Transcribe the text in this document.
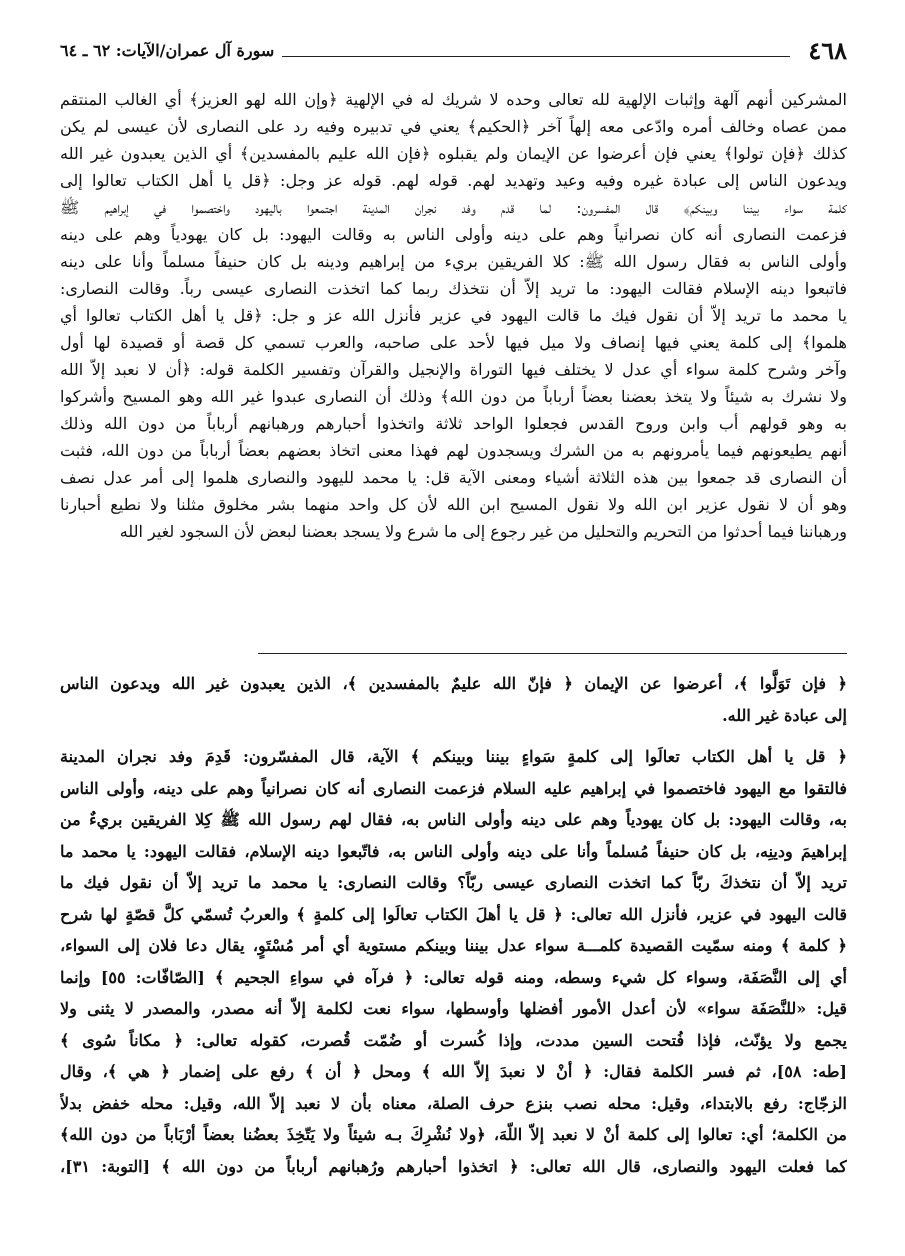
٤٦٨
سورة آل عمران/الآيات: ٦٢ ـ ٦٤

المشركين أنهم آلهة وإثبات الإلهية لله تعالى وحده لا شريك له في الإلهية ﴿وإن الله لهو العزيز﴾ أي الغالب المنتقم

ممن عصاه وخالف أمره وادّعى معه إلهاً آخر ﴿الحكيم﴾ يعني في تدبيره وفيه رد على النصارى لأن عيسى لم يكن

كذلك ﴿فإن تولوا﴾ يعني فإن أعرضوا عن الإيمان ولم يقبلوه ﴿فإن الله عليم بالمفسدين﴾ أي الذين يعبدون غير الله

ويدعون الناس إلى عبادة غيره وفيه وعيد وتهديد لهم. قوله لهم. قوله عز وجل: ﴿قل يا أهل الكتاب تعالوا إلى

كلمة سواء بيننا وبينكم﴾ قال المفسرون: لما قدم وفد نجران المدينة اجتمعوا باليهود واختصموا في إبراهيم ﷺ

فزعمت النصارى أنه كان نصرانياً وهم على دينه وأولى الناس به وقالت اليهود: بل كان يهودياً وهم على دينه

وأولى الناس به فقال رسول الله ﷺ: كلا الفريقين بريء من إبراهيم ودينه بل كان حنيفاً مسلماً وأنا على دينه

فاتبعوا دينه الإسلام فقالت اليهود: ما تريد إلاّ أن نتخذك ربما كما اتخذت النصارى عيسى رباً. وقالت النصارى:

يا محمد ما تريد إلاّ أن نقول فيك ما قالت اليهود في عزير فأنزل الله عز و جل: ﴿قل يا أهل الكتاب تعالوا أي

هلموا﴾ إلى كلمة يعني فيها إنصاف ولا ميل فيها لأحد على صاحبه، والعرب تسمي كل قصة أو قصيدة لها أول

وآخر وشرح كلمة سواء أي عدل لا يختلف فيها التوراة والإنجيل والقرآن وتفسير الكلمة قوله: ﴿أن لا نعبد إلاّ الله

ولا نشرك به شيئاً ولا يتخذ بعضنا بعضاً أرباباً من دون الله﴾ وذلك أن النصارى عبدوا غير الله وهو المسيح وأشركوا

به وهو قولهم أب وابن وروح القدس فجعلوا الواحد ثلاثة واتخذوا أحبارهم ورهبانهم أرباباً من دون الله وذلك

أنهم يطيعونهم فيما يأمرونهم به من الشرك ويسجدون لهم فهذا معنى اتخاذ بعضهم بعضاً أرباباً من دون الله، فثبت

أن النصارى قد جمعوا بين هذه الثلاثة أشياء ومعنى الآية قل: يا محمد لليهود والنصارى هلموا إلى أمر عدل نصف

وهو أن لا نقول عزير ابن الله ولا نقول المسيح ابن الله لأن كل واحد منهما بشر مخلوق مثلنا ولا نطيع أحبارنا

ورهباننا فيما أحدثوا من التحريم والتحليل من غير رجوع إلى ما شرع ولا يسجد بعضنا لبعض لأن السجود لغير الله

﴿ فإن تَوَلَّوا ﴾، أعرضوا عن الإيمان ﴿ فإنّ الله عليمٌ بالمفسدين ﴾، الذين يعبدون غير الله ويدعون الناس

إلى عبادة غير الله.

﴿ قل يا أهل الكتاب تعالَوا إلى كلمةٍ سَواءٍ بيننا وبينكم ﴾ الآية، قال المفسّرون: قَدِمَ وفد نجران المدينة

فالتقوا مع اليهود فاختصموا في إبراهيم عليه السلام فزعمت النصارى أنه كان نصرانياً وهم على دينه، وأولى الناس

به، وقالت اليهود: بل كان يهودياً وهم على دينه وأولى الناس به، فقال لهم رسول الله ﷺ كِلا الفريقين بريءٌ من

إبراهيمَ ودينِه، بل كان حنيفاً مُسلماً وأنا على دينه وأولى الناس به، فاتّبعوا دينه الإسلام، فقالت اليهود: يا محمد ما

تريد إلاّ أن نتخذكَ ربّاً كما اتخذت النصارى عيسى ربّاً؟ وقالت النصارى: يا محمد ما تريد إلاّ أن نقول فيك ما

قالت اليهود في عزير، فأنزل الله تعالى: ﴿ قل يا أهلَ الكتاب تعالَوا إلى كلمةٍ ﴾ والعربُ تُسمّي كلَّ قصّةٍ لها شرح

﴿ كلمة ﴾ ومنه سمّيت القصيدة كلمـــة سواء عدل بيننا وبينكم مستوية أي أمر مُسْتَوٍ، يقال دعا فلان إلى السواء،

أي إلى النَّصَفَة، وسواء كل شيء وسطه، ومنه قوله تعالى: ﴿ فرآه في سواءِ الجحيم ﴾ [الصّافّات: ٥٥] وإنما

قيل: «للنَّصَفَة سواء» لأن أعدل الأمور أفضلها وأوسطها، سواء نعت لكلمة إلاّ أنه مصدر، والمصدر لا يثنى ولا

يجمع ولا يؤنّث، فإذا فُتحت السين مددت، وإذا كُسرت أو ضُمّت قُصرت، كقوله تعالى: ﴿ مكاناً سُوى ﴾

[طه: ٥٨]، ثم فسر الكلمة فقال: ﴿ أنْ لا نعبدَ إلاّ الله ﴾ ومحل ﴿ أن ﴾ رفع على إضمار ﴿ هي ﴾، وقال

الزجّاج: رفع بالابتداء، وقيل: محله نصب بنزع حرف الصلة، معناه بأن لا نعبد إلاّ الله، وقيل: محله خفض بدلاً

من الكلمة؛ أي: تعالوا إلى كلمة أنْ لا نعبد إلاّ اللّهَ، ﴿ولا نُشْرِكَ بـه شيئاً ولا يَتّخِذَ بعضُنا بعضاً أرْبَاباً من دون الله﴾

كما فعلت اليهود والنصارى، قال الله تعالى: ﴿ اتخذوا أحبارهم ورُهبانهم أرباباً من دون الله ﴾ [التوبة: ٣١]،
